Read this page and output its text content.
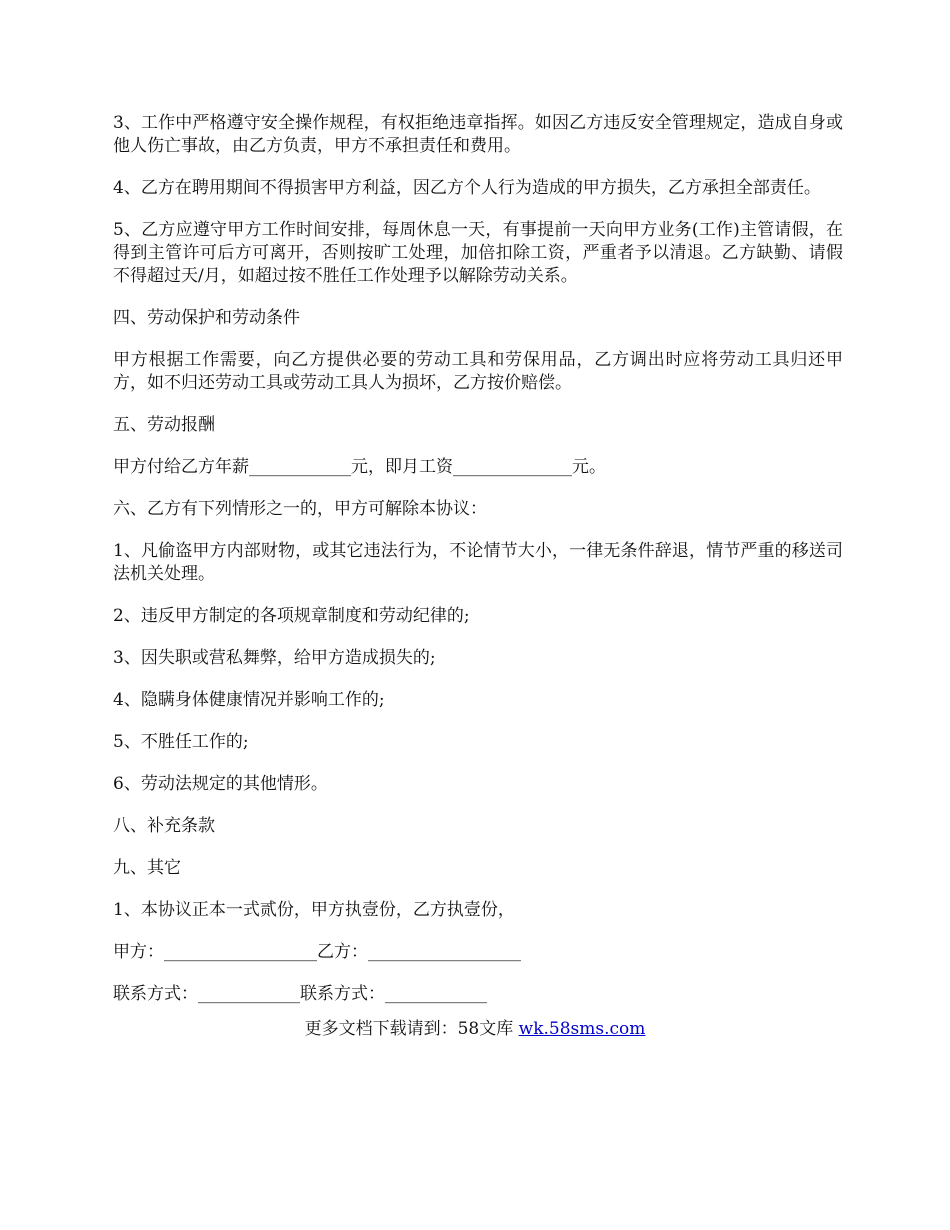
3、工作中严格遵守安全操作规程，有权拒绝违章指挥。如因乙方违反安全管理规定，造成自身或他人伤亡事故，由乙方负责，甲方不承担责任和费用。

4、乙方在聘用期间不得损害甲方利益，因乙方个人行为造成的甲方损失，乙方承担全部责任。

5、乙方应遵守甲方工作时间安排，每周休息一天，有事提前一天向甲方业务(工作)主管请假，在得到主管许可后方可离开，否则按旷工处理，加倍扣除工资，严重者予以清退。乙方缺勤、请假不得超过天/月，如超过按不胜任工作处理予以解除劳动关系。

四、劳动保护和劳动条件

甲方根据工作需要，向乙方提供必要的劳动工具和劳保用品，乙方调出时应将劳动工具归还甲方，如不归还劳动工具或劳动工具人为损坏，乙方按价赔偿。

五、劳动报酬

甲方付给乙方年薪____________元，即月工资______________元。

六、乙方有下列情形之一的，甲方可解除本协议：

1、凡偷盗甲方内部财物，或其它违法行为，不论情节大小，一律无条件辞退，情节严重的移送司法机关处理。

2、违反甲方制定的各项规章制度和劳动纪律的;

3、因失职或营私舞弊，给甲方造成损失的;

4、隐瞒身体健康情况并影响工作的;

5、不胜任工作的;

6、劳动法规定的其他情形。

八、补充条款

九、其它

1、本协议正本一式贰份，甲方执壹份，乙方执壹份，

甲方：__________________乙方：__________________

联系方式：____________联系方式：____________

更多文档下载请到：58文库 wk.58sms.com
